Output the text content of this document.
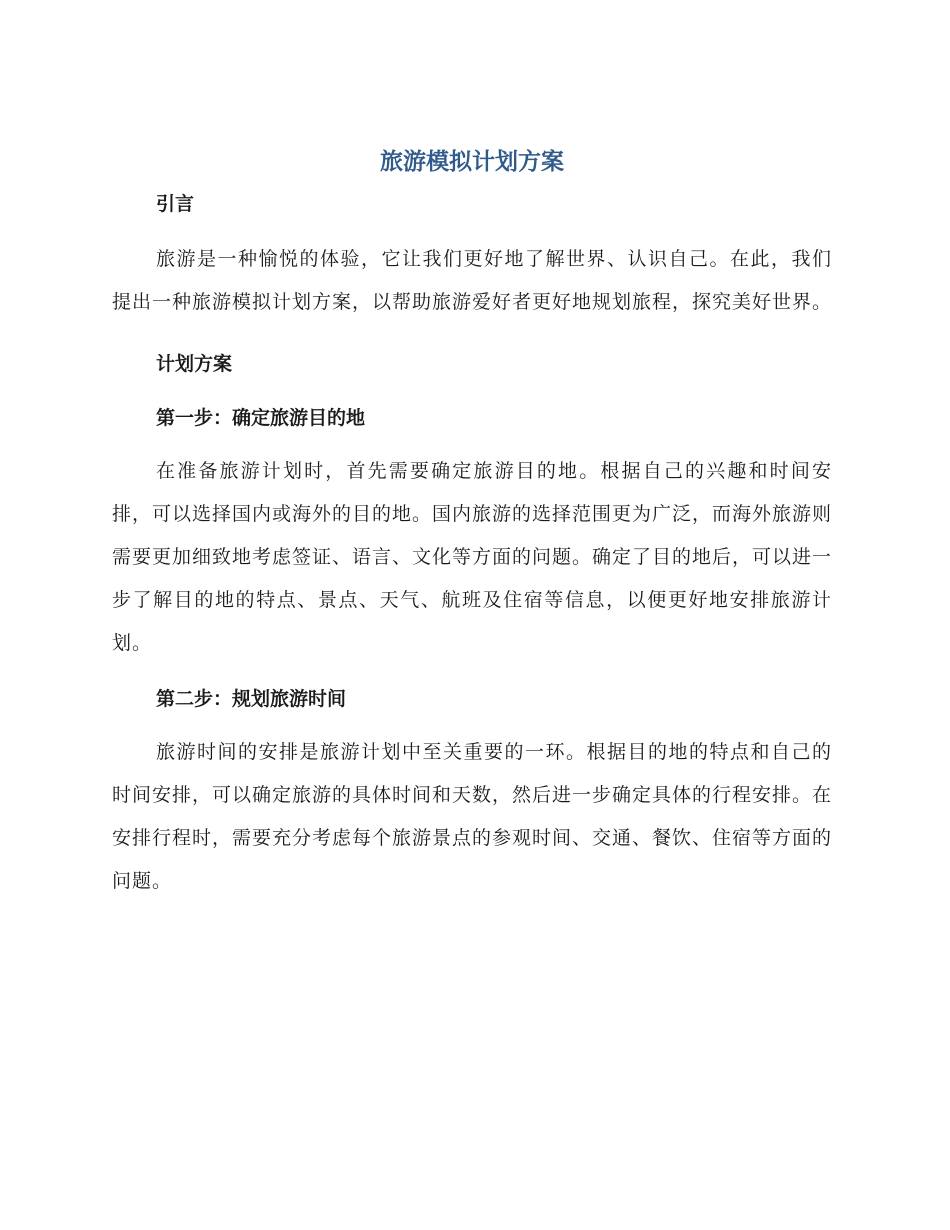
旅游模拟计划方案
引言

旅游是一种愉悦的体验，它让我们更好地了解世界、认识自己。在此，我们提出一种旅游模拟计划方案，以帮助旅游爱好者更好地规划旅程，探究美好世界。

计划方案
第一步：确定旅游目的地

在准备旅游计划时，首先需要确定旅游目的地。根据自己的兴趣和时间安排，可以选择国内或海外的目的地。国内旅游的选择范围更为广泛，而海外旅游则需要更加细致地考虑签证、语言、文化等方面的问题。确定了目的地后，可以进一步了解目的地的特点、景点、天气、航班及住宿等信息，以便更好地安排旅游计划。

第二步：规划旅游时间

旅游时间的安排是旅游计划中至关重要的一环。根据目的地的特点和自己的时间安排，可以确定旅游的具体时间和天数，然后进一步确定具体的行程安排。在安排行程时，需要充分考虑每个旅游景点的参观时间、交通、餐饮、住宿等方面的问题。
